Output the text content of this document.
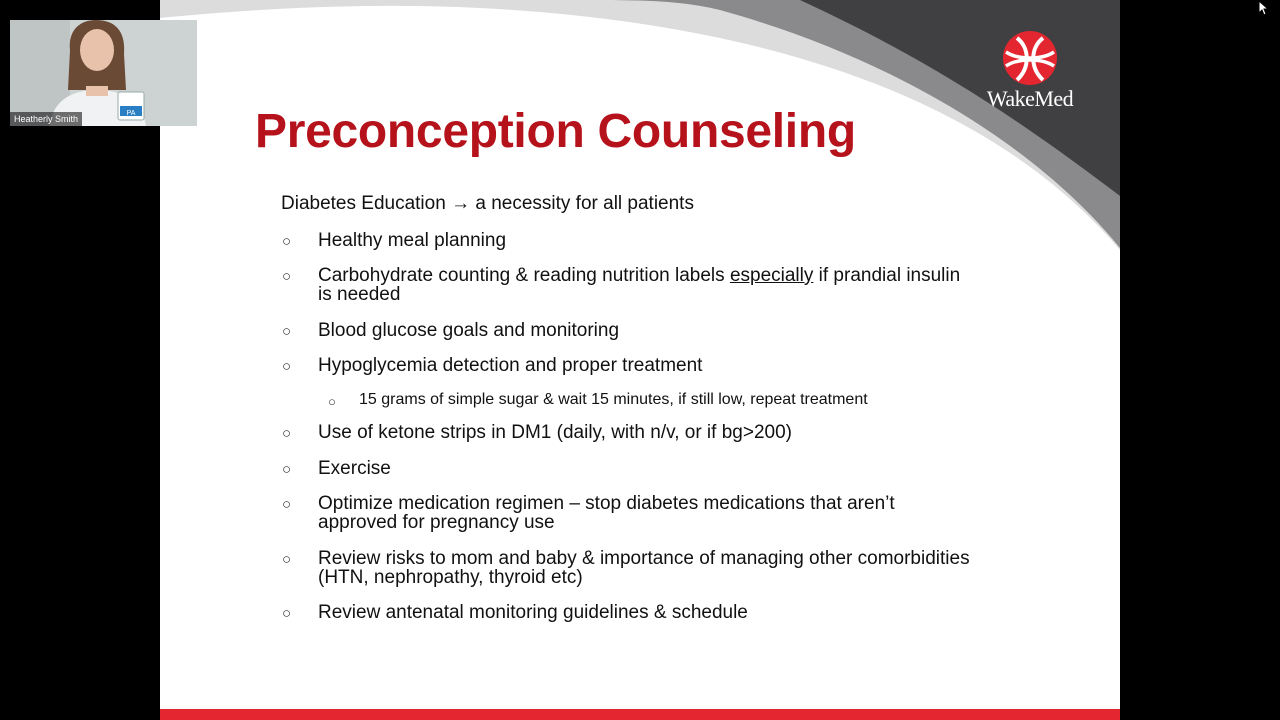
WakeMed
Preconception Counseling
Diabetes Education → a necessity for all patients
○ Healthy meal planning
○ Carbohydrate counting & reading nutrition labels especially if prandial insulin
is needed
○ Blood glucose goals and monitoring
○ Hypoglycemia detection and proper treatment
○ 15 grams of simple sugar & wait 15 minutes, if still low, repeat treatment
○ Use of ketone strips in DM1 (daily, with n/v, or if bg>200)
○ Exercise
○ Optimize medication regimen – stop diabetes medications that aren’t
approved for pregnancy use
○ Review risks to mom and baby & importance of managing other comorbidities
(HTN, nephropathy, thyroid etc)
○ Review antenatal monitoring guidelines & schedule
PA
Heatherly Smith
